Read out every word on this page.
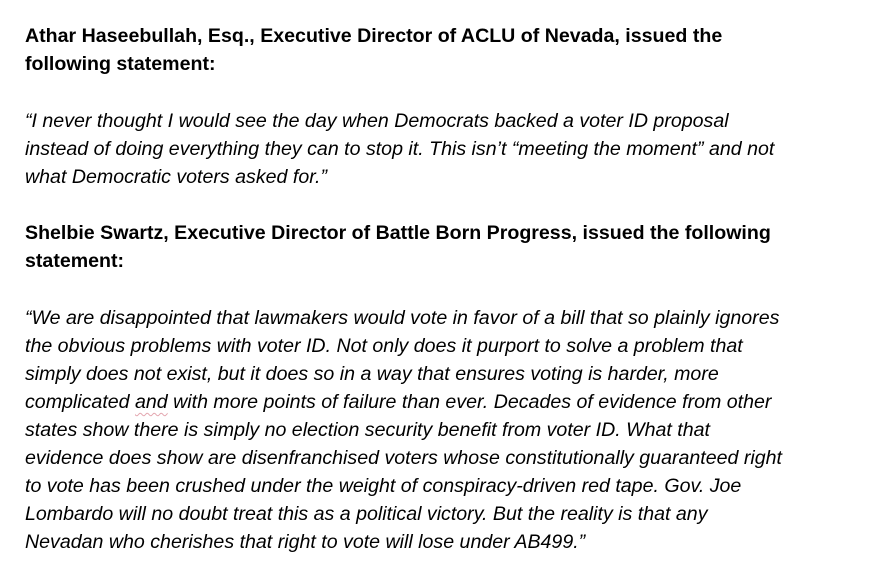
Athar Haseebullah, Esq., Executive Director of ACLU of Nevada, issued the
following statement:
“I never thought I would see the day when Democrats backed a voter ID proposal
instead of doing everything they can to stop it. This isn’t “meeting the moment” and not
what Democratic voters asked for.”
Shelbie Swartz, Executive Director of Battle Born Progress, issued the following
statement:
“We are disappointed that lawmakers would vote in favor of a bill that so plainly ignores
the obvious problems with voter ID. Not only does it purport to solve a problem that
simply does not exist, but it does so in a way that ensures voting is harder, more
complicated and with more points of failure than ever. Decades of evidence from other
states show there is simply no election security benefit from voter ID. What that
evidence does show are disenfranchised voters whose constitutionally guaranteed right
to vote has been crushed under the weight of conspiracy-driven red tape. Gov. Joe
Lombardo will no doubt treat this as a political victory. But the reality is that any
Nevadan who cherishes that right to vote will lose under AB499.”
